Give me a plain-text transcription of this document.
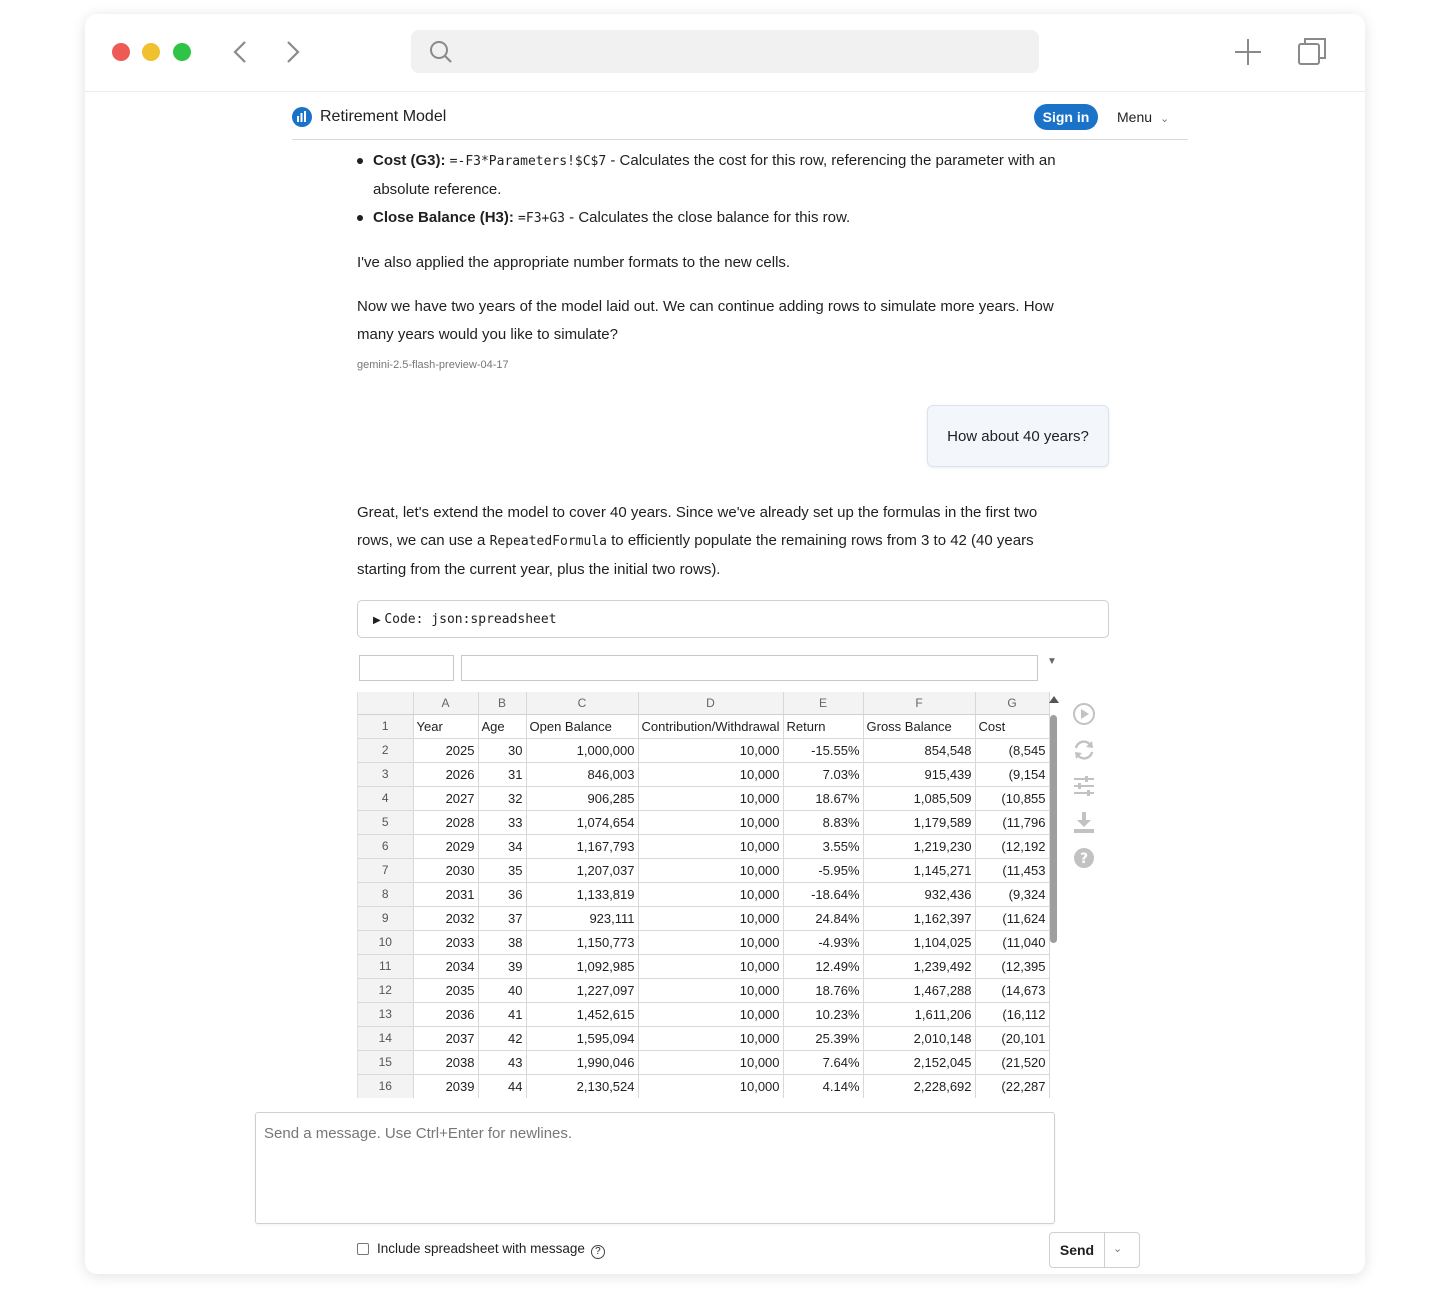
Retirement Model	Sign in	Menu ⌄
Cost (G3): =-F3*Parameters!$C$7 - Calculates the cost for this row, referencing the parameter with an
absolute reference.
Close Balance (H3): =F3+G3 - Calculates the close balance for this row.
I've also applied the appropriate number formats to the new cells.
Now we have two years of the model laid out. We can continue adding rows to simulate more years. How
many years would you like to simulate?
gemini-2.5-flash-preview-04-17
How about 40 years?
Great, let's extend the model to cover 40 years. Since we've already set up the formulas in the first two
rows, we can use a RepeatedFormula to efficiently populate the remaining rows from 3 to 42 (40 years
starting from the current year, plus the initial two rows).
▶ Code: json:spreadsheet
▼
	A	B	C	D	E	F	G
1	Year	Age	Open Balance	Contribution/Withdrawal	Return	Gross Balance	Cost
2	2025	30	1,000,000	10,000	-15.55%	854,548	(8,545
3	2026	31	846,003	10,000	7.03%	915,439	(9,154
4	2027	32	906,285	10,000	18.67%	1,085,509	(10,855
5	2028	33	1,074,654	10,000	8.83%	1,179,589	(11,796
6	2029	34	1,167,793	10,000	3.55%	1,219,230	(12,192
7	2030	35	1,207,037	10,000	-5.95%	1,145,271	(11,453
8	2031	36	1,133,819	10,000	-18.64%	932,436	(9,324
9	2032	37	923,111	10,000	24.84%	1,162,397	(11,624
10	2033	38	1,150,773	10,000	-4.93%	1,104,025	(11,040
11	2034	39	1,092,985	10,000	12.49%	1,239,492	(12,395
12	2035	40	1,227,097	10,000	18.76%	1,467,288	(14,673
13	2036	41	1,452,615	10,000	10.23%	1,611,206	(16,112
14	2037	42	1,595,094	10,000	25.39%	2,010,148	(20,101
15	2038	43	1,990,046	10,000	7.64%	2,152,045	(21,520
16	2039	44	2,130,524	10,000	4.14%	2,228,692	(22,287
?
Send a message. Use Ctrl+Enter for newlines.
Include spreadsheet with message ?	Send	⌄
